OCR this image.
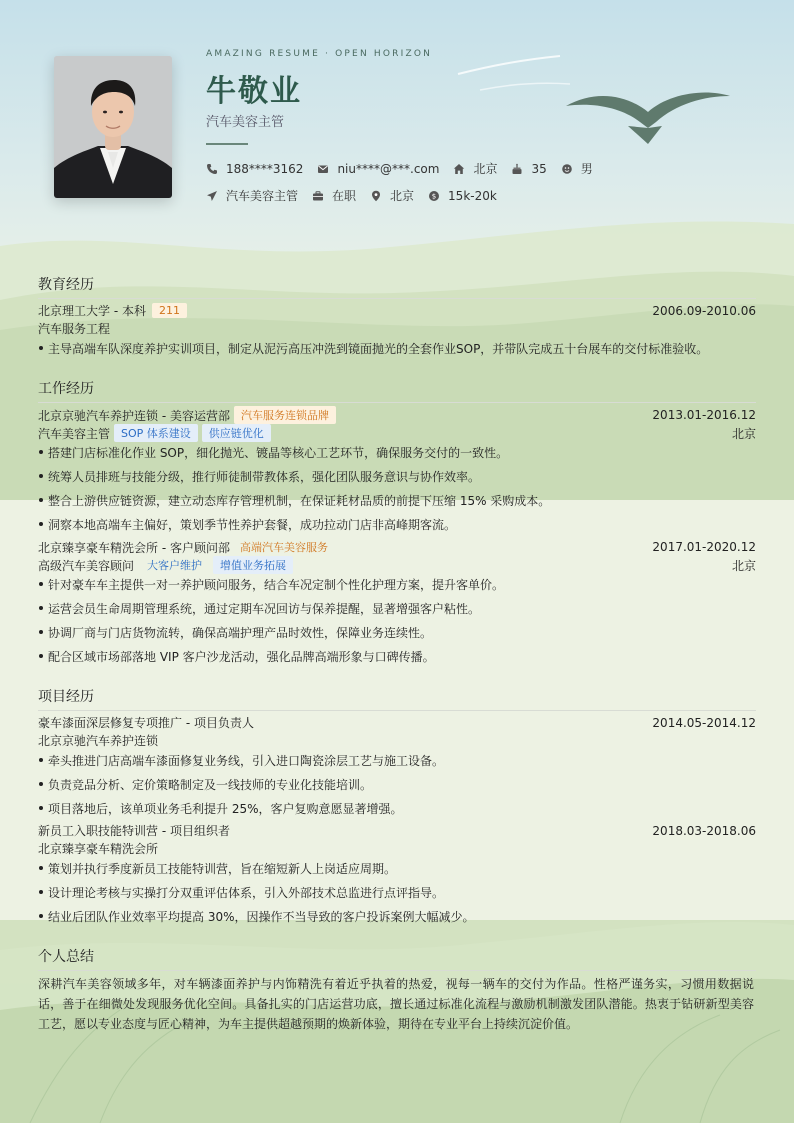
AMAZING RESUME · OPEN HORIZON
牛敬业
汽车美容主管
188****3162	niu****@***.com	北京	35	男
汽车美容主管	在职	北京	$ 15k-20k
教育经历
北京理工大学 - 本科	211	2006.09-2010.06
汽车服务工程
主导高端车队深度养护实训项目，制定从泥污高压冲洗到镜面抛光的全套作业SOP，并带队完成五十台展车的交付标准验收。
工作经历
北京京驰汽车养护连锁 - 美容运营部	汽车服务连锁品牌	2013.01-2016.12
汽车美容主管	SOP 体系建设	供应链优化	北京
搭建门店标准化作业 SOP，细化抛光、镀晶等核心工艺环节，确保服务交付的一致性。
统筹人员排班与技能分级，推行师徒制带教体系，强化团队服务意识与协作效率。
整合上游供应链资源，建立动态库存管理机制，在保证耗材品质的前提下压缩 15% 采购成本。
洞察本地高端车主偏好，策划季节性养护套餐，成功拉动门店非高峰期客流。
北京臻享豪车精洗会所 - 客户顾问部 高端汽车美容服务	2017.01-2020.12
高级汽车美容顾问	大客户维护	增值业务拓展	北京
针对豪车车主提供一对一养护顾问服务，结合车况定制个性化护理方案，提升客单价。
运营会员生命周期管理系统，通过定期车况回访与保养提醒，显著增强客户粘性。
协调厂商与门店货物流转，确保高端护理产品时效性，保障业务连续性。
配合区域市场部落地 VIP 客户沙龙活动，强化品牌高端形象与口碑传播。
项目经历
豪车漆面深层修复专项推广 - 项目负责人	2014.05-2014.12
北京京驰汽车养护连锁
牵头推进门店高端车漆面修复业务线，引入进口陶瓷涂层工艺与施工设备。
负责竞品分析、定价策略制定及一线技师的专业化技能培训。
项目落地后，该单项业务毛利提升 25%，客户复购意愿显著增强。
新员工入职技能特训营 - 项目组织者	2018.03-2018.06
北京臻享豪车精洗会所
策划并执行季度新员工技能特训营，旨在缩短新人上岗适应周期。
设计理论考核与实操打分双重评估体系，引入外部技术总监进行点评指导。
结业后团队作业效率平均提高 30%，因操作不当导致的客户投诉案例大幅减少。
个人总结
深耕汽车美容领域多年，对车辆漆面养护与内饰精洗有着近乎执着的热爱，视每一辆车的交付为作品。性格严谨务实，习惯用数据说话，善于在细微处发现服务优化空间。具备扎实的门店运营功底，擅长通过标准化流程与激励机制激发团队潜能。热衷于钻研新型美容工艺，愿以专业态度与匠心精神，为车主提供超越预期的焕新体验，期待在专业平台上持续沉淀价值。
